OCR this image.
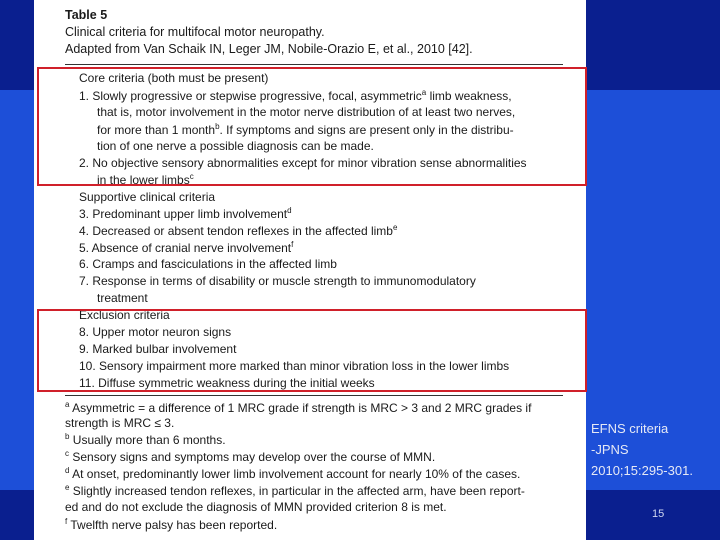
Table 5
Clinical criteria for multifocal motor neuropathy.
Adapted from Van Schaik IN, Leger JM, Nobile-Orazio E, et al., 2010 [42].
Core criteria (both must be present)
1. Slowly progressive or stepwise progressive, focal, asymmetric$^a$ limb weakness,
that is, motor involvement in the motor nerve distribution of at least two nerves,
for more than 1 month$^b$. If symptoms and signs are present only in the distribu-
tion of one nerve a possible diagnosis can be made.
2. No objective sensory abnormalities except for minor vibration sense abnormalities
in the lower limbs$^c$
Supportive clinical criteria
3. Predominant upper limb involvement$^d$
4. Decreased or absent tendon reflexes in the affected limb$^e$
5. Absence of cranial nerve involvement$^f$
6. Cramps and fasciculations in the affected limb
7. Response in terms of disability or muscle strength to immunomodulatory
treatment
Exclusion criteria
8. Upper motor neuron signs
9. Marked bulbar involvement
10. Sensory impairment more marked than minor vibration loss in the lower limbs
11. Diffuse symmetric weakness during the initial weeks
$^a$ Asymmetric = a difference of 1 MRC grade if strength is MRC > 3 and 2 MRC grades if
strength is MRC ≤ 3.
$^b$ Usually more than 6 months.
$^c$ Sensory signs and symptoms may develop over the course of MMN.
$^d$ At onset, predominantly lower limb involvement account for nearly 10% of the cases.
$^e$ Slightly increased tendon reflexes, in particular in the affected arm, have been report-
ed and do not exclude the diagnosis of MMN provided criterion 8 is met.
$^f$ Twelfth nerve palsy has been reported.
EFNS criteria
-JPNS
2010;15:295-301.
15
